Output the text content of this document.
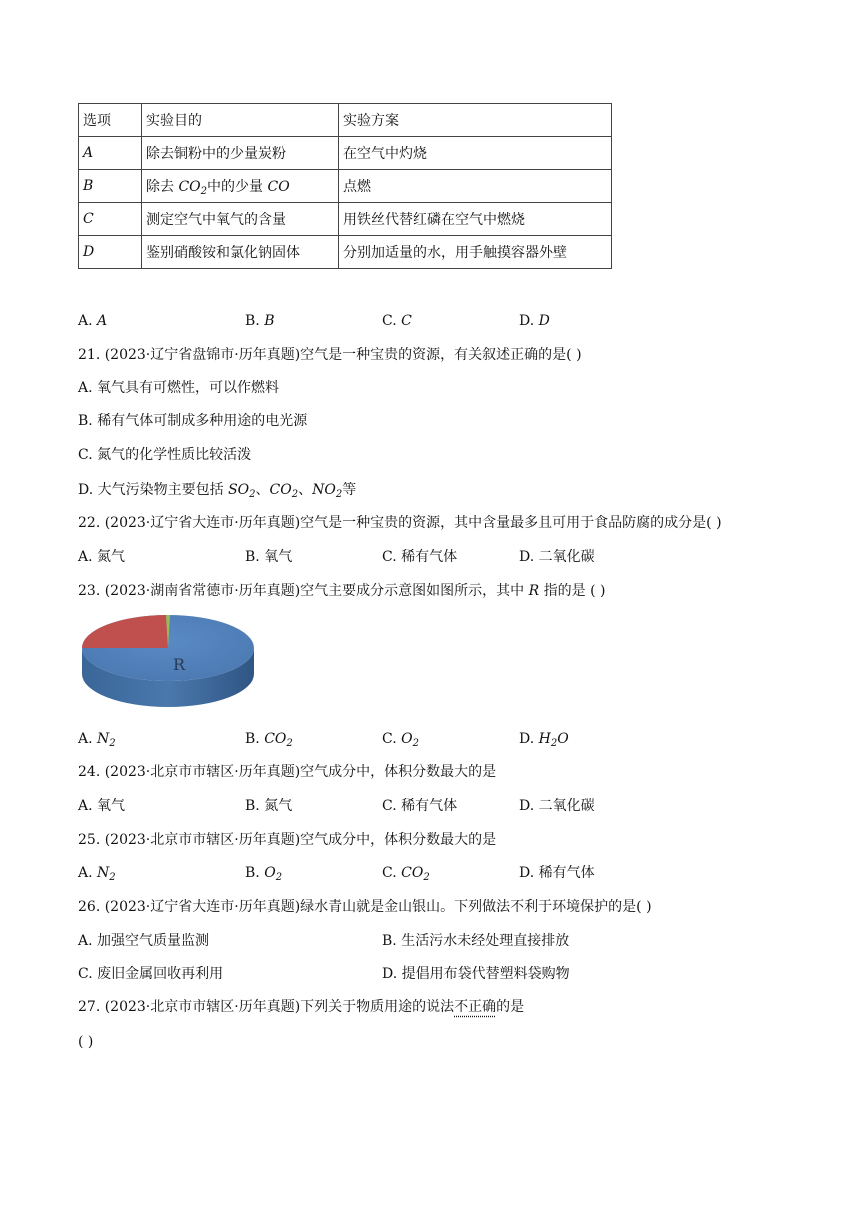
选项	实验目的	实验方案
A	除去铜粉中的少量炭粉	在空气中灼烧
B	除去 $CO_2$中的少量 CO	点燃
C	测定空气中氧气的含量	用铁丝代替红磷在空气中燃烧
D	鉴别硝酸铵和氯化钠固体	分别加适量的水，用手触摸容器外壁
A. A	B. B	C. C	D. D
21. (2023·辽宁省盘锦市·历年真题)空气是一种宝贵的资源，有关叙述正确的是( )
A. 氧气具有可燃性，可以作燃料
B. 稀有气体可制成多种用途的电光源
C. 氮气的化学性质比较活泼
D. 大气污染物主要包括 $SO_2$、$CO_2$、$NO_2$等
22. (2023·辽宁省大连市·历年真题)空气是一种宝贵的资源，其中含量最多且可用于食品防腐的成分是( )
A. 氮气	B. 氧气	C. 稀有气体	D. 二氧化碳
23. (2023·湖南省常德市·历年真题)空气主要成分示意图如图所示，其中 R 指的是 ( )
R
A. $N_2$	B. $CO_2$	C. $O_2$	D. $H_2O$
24. (2023·北京市市辖区·历年真题)空气成分中，体积分数最大的是
A. 氧气	B. 氮气	C. 稀有气体	D. 二氧化碳
25. (2023·北京市市辖区·历年真题)空气成分中，体积分数最大的是
A. $N_2$	B. $O_2$	C. $CO_2$	D. 稀有气体
26. (2023·辽宁省大连市·历年真题)绿水青山就是金山银山。下列做法不利于环境保护的是( )
A. 加强空气质量监测	B. 生活污水未经处理直接排放
C. 废旧金属回收再利用	D. 提倡用布袋代替塑料袋购物
27. (2023·北京市市辖区·历年真题)下列关于物质用途的说法不正确的是
( )
